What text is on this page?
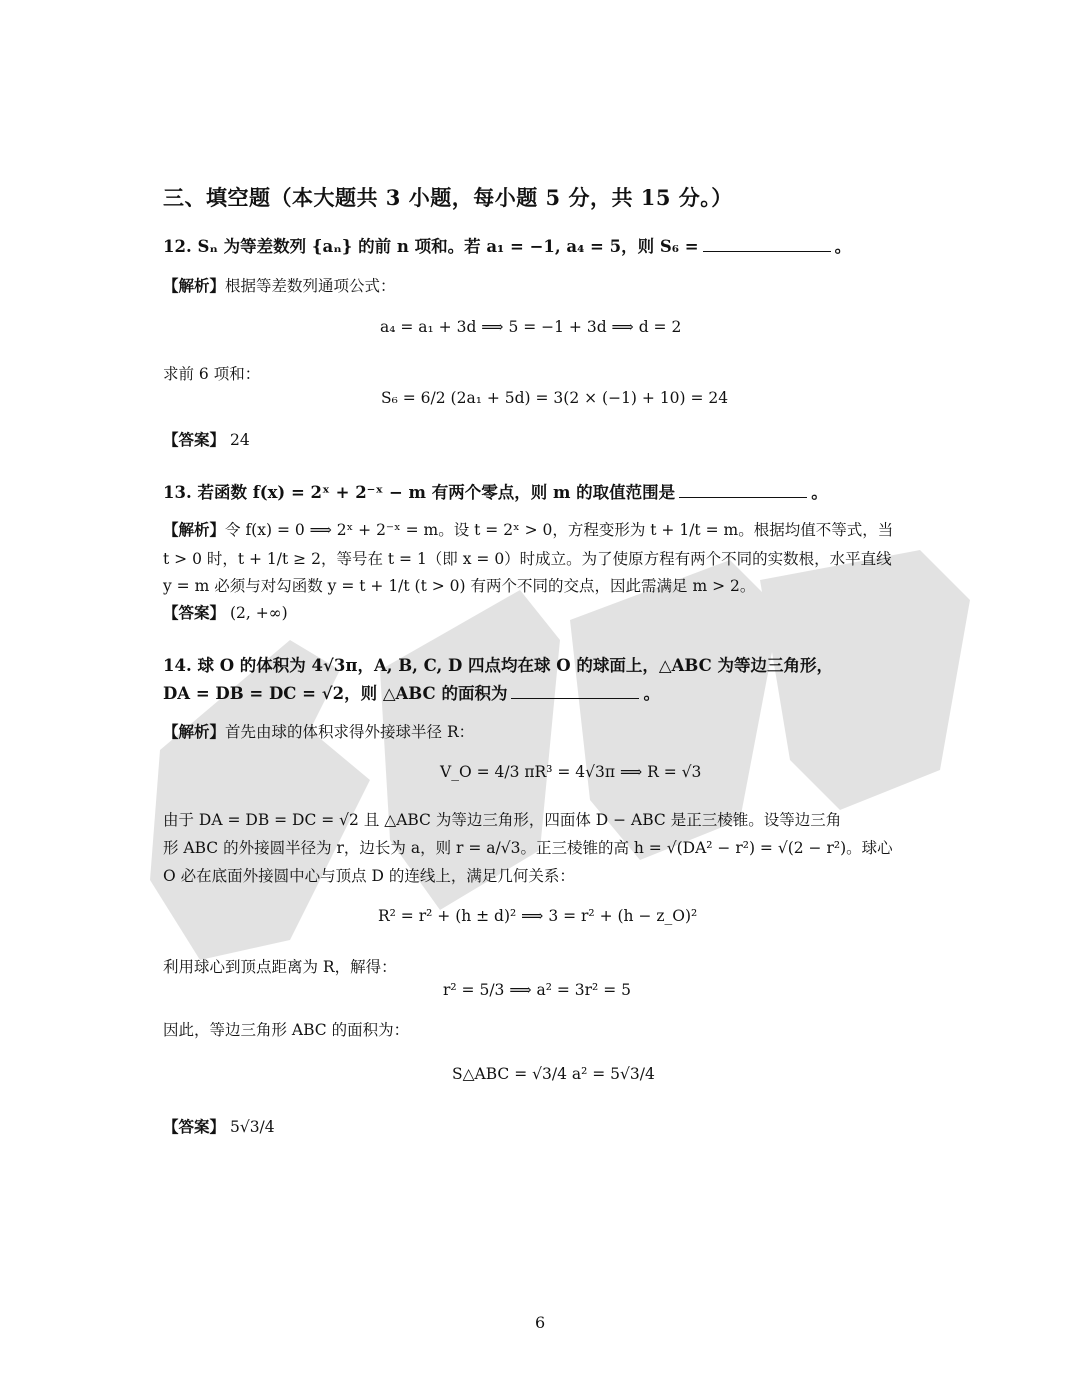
三、填空题（本大题共 3 小题，每小题 5 分，共 15 分。）
12. Sₙ 为等差数列 {aₙ} 的前 n 项和。若 a₁ = −1, a₄ = 5，则 S₆ =	。
【解析】根据等差数列通项公式：
a₄ = a₁ + 3d ⟹ 5 = −1 + 3d ⟹ d = 2
求前 6 项和：
S₆ = 6/2 (2a₁ + 5d) = 3(2 × (−1) + 10) = 24
【答案】 24
13. 若函数 f(x) = 2ˣ + 2⁻ˣ − m 有两个零点，则 m 的取值范围是	。
【解析】令 f(x) = 0 ⟹ 2ˣ + 2⁻ˣ = m。设 t = 2ˣ > 0，方程变形为 t + 1/t = m。根据均值不等式，当
t > 0 时，t + 1/t ≥ 2，等号在 t = 1（即 x = 0）时成立。为了使原方程有两个不同的实数根，水平直线
y = m 必须与对勾函数 y = t + 1/t (t > 0) 有两个不同的交点，因此需满足 m > 2。
【答案】 (2, +∞)
14. 球 O 的体积为 4√3π，A, B, C, D 四点均在球 O 的球面上，△ABC 为等边三角形，
DA = DB = DC = √2，则 △ABC 的面积为	。
【解析】首先由球的体积求得外接球半径 R：
V_O = 4/3 πR³ = 4√3π ⟹ R = √3
由于 DA = DB = DC = √2 且 △ABC 为等边三角形，四面体 D − ABC 是正三棱锥。设等边三角
形 ABC 的外接圆半径为 r，边长为 a，则 r = a/√3。正三棱锥的高 h = √(DA² − r²) = √(2 − r²)。球心
O 必在底面外接圆中心与顶点 D 的连线上，满足几何关系：
R² = r² + (h ± d)² ⟹ 3 = r² + (h − z_O)²
利用球心到顶点距离为 R，解得：
r² = 5/3 ⟹ a² = 3r² = 5
因此，等边三角形 ABC 的面积为：
S△ABC = √3/4 a² = 5√3/4
【答案】 5√3/4
6
